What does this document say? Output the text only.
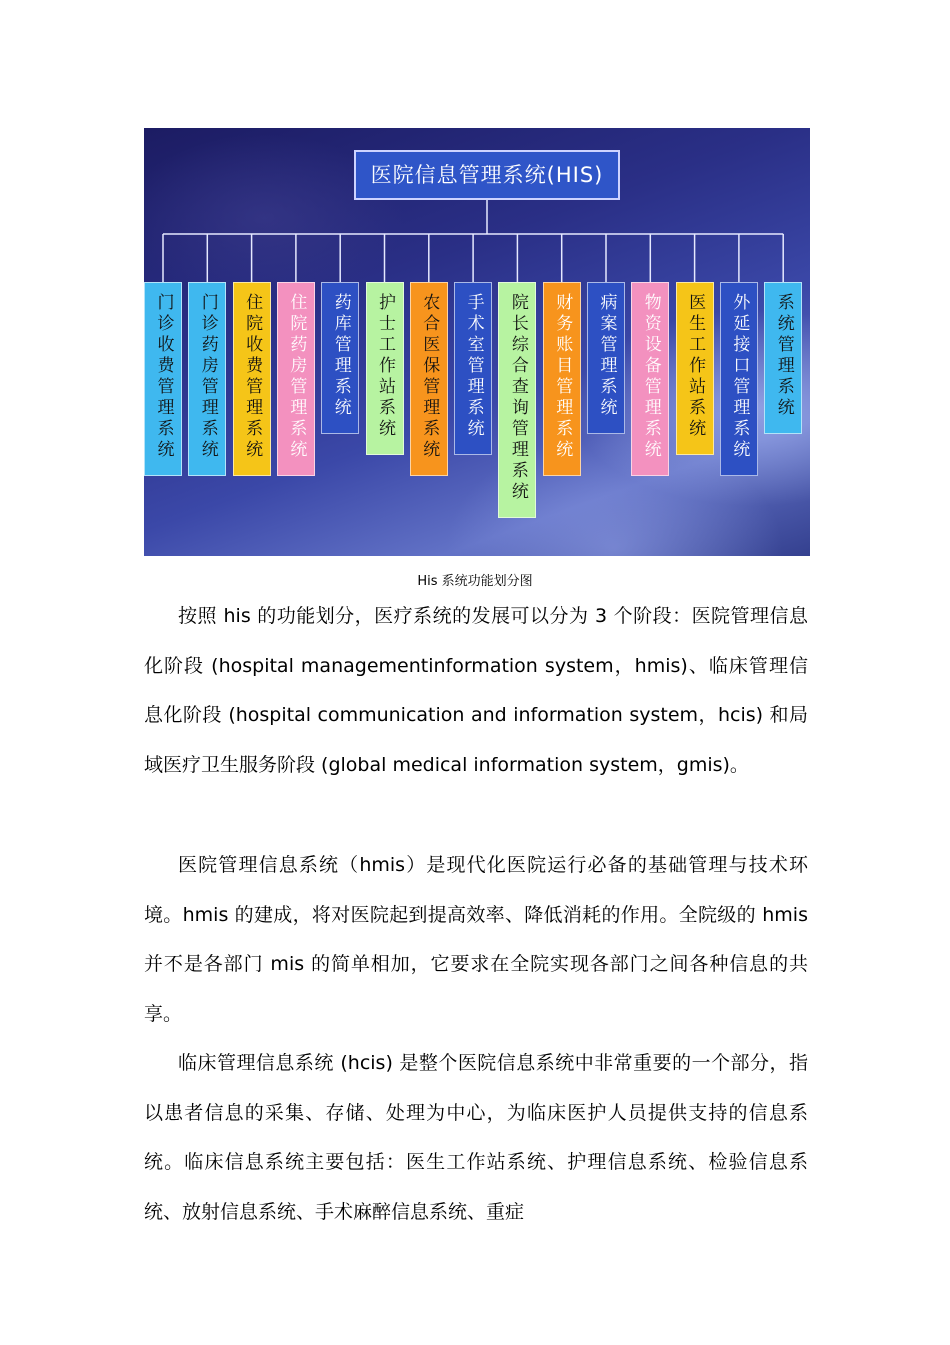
医院信息管理系统(HIS)
门诊收费管理系统 门诊药房管理系统 住院收费管理系统 住院药房管理系统 药库管理系统 护士工作站系统 农合医保管理系统 手术室管理系统 院长综合查询管理系统 财务账目管理系统 病案管理系统 物资设备管理系统 医生工作站系统 外延接口管理系统 系统管理系统
His 系统功能划分图

按照 his 的功能划分，医疗系统的发展可以分为 3 个阶段：医院管理信息化阶段 (hospital managementinformation system，hmis)、临床管理信息化阶段 (hospital communication and information system，hcis) 和局域医疗卫生服务阶段 (global medical information system，gmis)。

医院管理信息系统（hmis）是现代化医院运行必备的基础管理与技术环境。hmis 的建成，将对医院起到提高效率、降低消耗的作用。全院级的 hmis 并不是各部门 mis 的简单相加，它要求在全院实现各部门之间各种信息的共享。

临床管理信息系统 (hcis) 是整个医院信息系统中非常重要的一个部分，指以患者信息的采集、存储、处理为中心，为临床医护人员提供支持的信息系统。临床信息系统主要包括：医生工作站系统、护理信息系统、检验信息系统、放射信息系统、手术麻醉信息系统、重症
